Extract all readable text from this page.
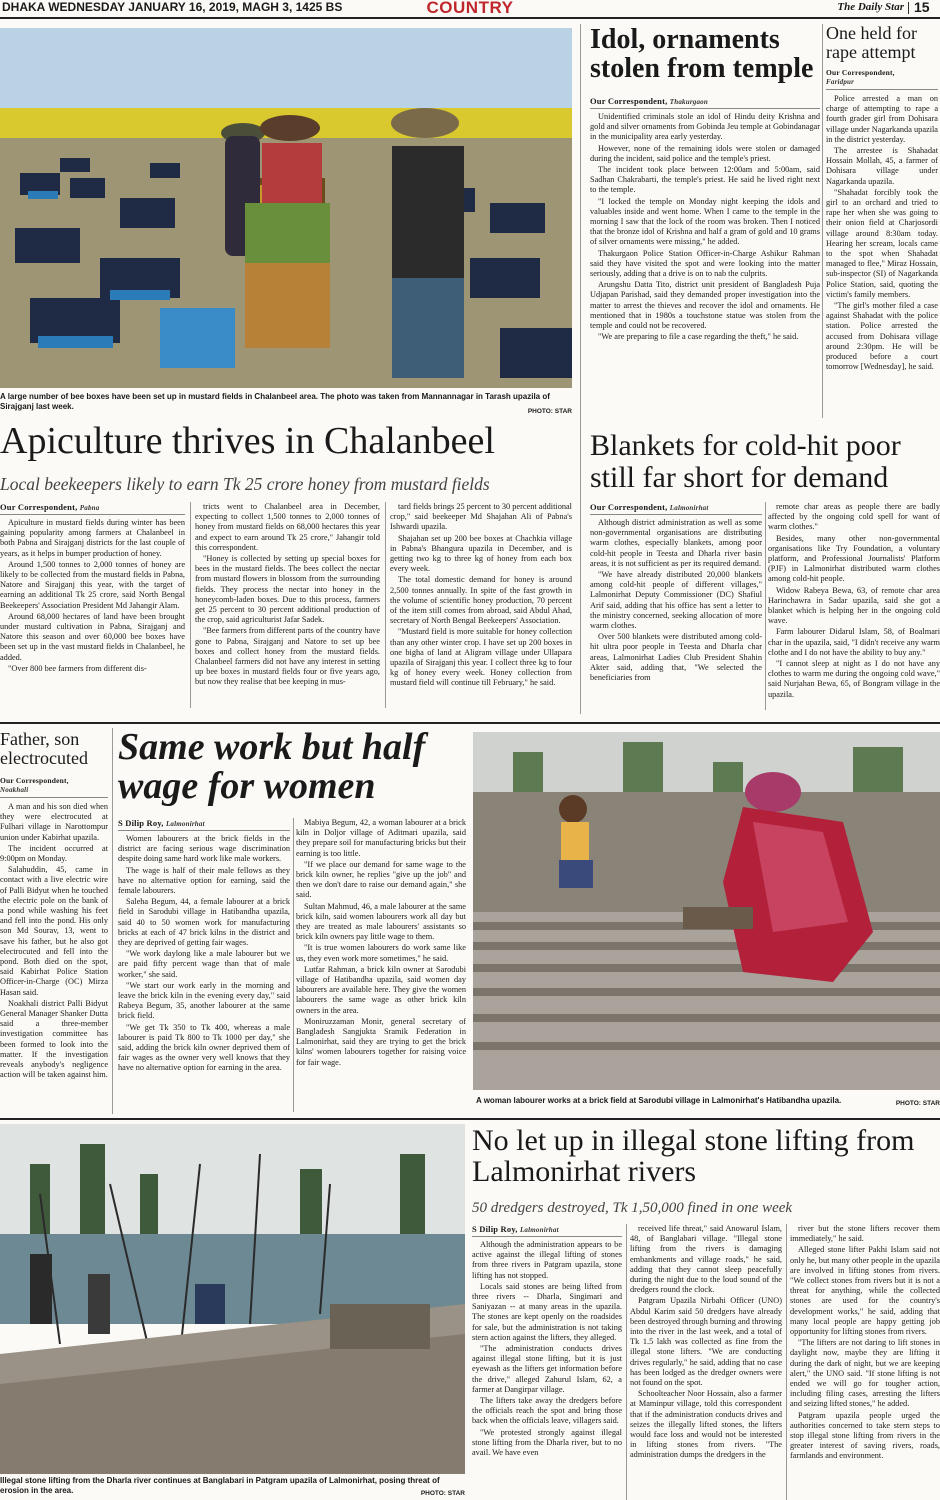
DHAKA WEDNESDAY JANUARY 16, 2019, MAGH 3, 1425 BS	COUNTRY	The Daily Star 15
A large number of bee boxes have been set up in mustard fields in Chalanbeel area. The photo was taken from Mannannagar in Tarash upazila of Sirajganj last week.
PHOTO: STAR
Apiculture thrives in Chalanbeel
Local beekeepers likely to earn Tk 25 crore honey from mustard fields
Our Correspondent, Pabna

Apiculture in mustard fields during winter has been gaining popularity among farmers at Chalanbeel in both Pabna and Sirajganj districts for the last couple of years, as it helps in bumper production of honey.

Around 1,500 tonnes to 2,000 tonnes of honey are likely to be collected from the mustard fields in Pabna, Natore and Sirajganj this year, with the target of earning an additional Tk 25 crore, said North Bengal Beekeepers' Association President Md Jahangir Alam.

Around 68,000 hectares of land have been brought under mustard cultivation in Pabna, Sirajganj and Natore this season and over 60,000 bee boxes have been set up in the vast mustard fields in Chalanbeel, he added.

"Over 800 bee farmers from different dis-

tricts went to Chalanbeel area in December, expecting to collect 1,500 tonnes to 2,000 tonnes of honey from mustard fields on 68,000 hectares this year and expect to earn around Tk 25 crore," Jahangir told this correspondent.

"Honey is collected by setting up special boxes for bees in the mustard fields. The bees collect the nectar from mustard flowers in blossom from the surrounding fields. They process the nectar into honey in the honeycomb-laden boxes. Due to this process, farmers get 25 percent to 30 percent additional production of the crop, said agriculturist Jafar Sadek.

"Bee farmers from different parts of the country have gone to Pabna, Sirajganj and Natore to set up bee boxes and collect honey from the mustard fields. Chalanbeel farmers did not have any interest in setting up bee boxes in mustard fields four or five years ago, but now they realise that bee keeping in mus-

tard fields brings 25 percent to 30 percent additional crop," said beekeeper Md Shajahan Ali of Pabna's Ishwardi upazila.

Shajahan set up 200 bee boxes at Chachkia village in Pabna's Bhangura upazila in December, and is getting two kg to three kg of honey from each box every week.

The total domestic demand for honey is around 2,500 tonnes annually. In spite of the fast growth in the volume of scientific honey production, 70 percent of the item still comes from abroad, said Abdul Ahad, secretary of North Bengal Beekeepers' Association.

"Mustard field is more suitable for honey collection than any other winter crop. I have set up 200 boxes in one bigha of land at Aligram village under Ullapara upazila of Sirajganj this year. I collect three kg to four kg of honey every week. Honey collection from mustard field will continue till February," he said.

Idol, ornaments stolen from temple
Our Correspondent, Thakurgaon

Unidentified criminals stole an idol of Hindu deity Krishna and gold and silver ornaments from Gobinda Jeu temple at Gobindanagar in the municipality area early yesterday.

However, none of the remaining idols were stolen or damaged during the incident, said police and the temple's priest.

The incident took place between 12:00am and 5:00am, said Sadhan Chakrabarti, the temple's priest. He said he lived right next to the temple.

"I locked the temple on Monday night keeping the idols and valuables inside and went home. When I came to the temple in the morning I saw that the lock of the room was broken. Then I noticed that the bronze idol of Krishna and half a gram of gold and 10 grams of silver ornaments were missing," he added.

Thakurgaon Police Station Officer-in-Charge Ashikur Rahman said they have visited the spot and were looking into the matter seriously, adding that a drive is on to nab the culprits.

Arungshu Datta Tito, district unit president of Bangladesh Puja Udjapan Parishad, said they demanded proper investigation into the matter to arrest the thieves and recover the idol and ornaments. He mentioned that in 1980s a touchstone statue was stolen from the temple and could not be recovered.

"We are preparing to file a case regarding the theft," he said.

One held for rape attempt
Our Correspondent,
Faridpur

Police arrested a man on charge of attempting to rape a fourth grader girl from Dohisara village under Nagarkanda upazila in the district yesterday.

The arrestee is Shahadat Hossain Mollah, 45, a farmer of Dohisara village under Nagarkanda upazila.

"Shahadat forcibly took the girl to an orchard and tried to rape her when she was going to their onion field at Charjosordi village around 8:30am today. Hearing her scream, locals came to the spot when Shahadat managed to flee," Miraz Hossain, sub-inspector (SI) of Nagarkanda Police Station, said, quoting the victim's family members.

"The girl's mother filed a case against Shahadat with the police station. Police arrested the accused from Dohisara village around 2:30pm. He will be produced before a court tomorrow [Wednesday], he said.

Blankets for cold-hit poor still far short for demand
Our Correspondent, Lalmonirhat

Although district administration as well as some non-governmental organisations are distributing warm clothes, especially blankets, among poor cold-hit people in Teesta and Dharla river basin areas, it is not sufficient as per its required demand.

"We have already distributed 20,000 blankets among cold-hit people of different villages," Lalmonirhat Deputy Commissioner (DC) Shafiul Arif said, adding that his office has sent a letter to the ministry concerned, seeking allocation of more warm clothes.

Over 500 blankets were distributed among cold-hit ultra poor people in Teesta and Dharla char areas, Lalmonirhat Ladies Club President Shahin Akter said, adding that, "We selected the beneficiaries from

remote char areas as people there are badly affected by the ongoing cold spell for want of warm clothes."

Besides, many other non-governmental organisations like Try Foundation, a voluntary platform, and Professional Journalists' Platform (PJF) in Lalmonirhat distributed warm clothes among cold-hit people.

Widow Rabeya Bewa, 63, of remote char area Harinchawra in Sadar upazila, said she got a blanket which is helping her in the ongoing cold wave.

Farm labourer Didarul Islam, 58, of Boalmari char in the upazila, said, "I didn't receive any warm clothe and I do not have the ability to buy any."

"I cannot sleep at night as I do not have any clothes to warm me during the ongoing cold wave," said Nurjahan Bewa, 65, of Bongram village in the upazila.

Father, son electrocuted
Our Correspondent,
Noakhali

A man and his son died when they were electrocuted at Fulhari village in Narottompur union under Kabirhat upazila.

The incident occurred at 9:00pm on Monday.

Salahuddin, 45, came in contact with a live electric wire of Palli Bidyut when he touched the electric pole on the bank of a pond while washing his feet and fell into the pond. His only son Md Sourav, 13, went to save his father, but he also got electrocuted and fell into the pond. Both died on the spot, said Kabirhat Police Station Officer-in-Charge (OC) Mirza Hasan said.

Noakhali district Palli Bidyut General Manager Shanker Dutta said a three-member investigation committee has been formed to look into the matter. If the investigation reveals anybody's negligence action will be taken against him.

Same work but half wage for women
S Dilip Roy, Lalmonirhat

Women labourers at the brick fields in the district are facing serious wage discrimination despite doing same hard work like male workers.

The wage is half of their male fellows as they have no alternative option for earning, said the female labourers.

Saleha Begum, 44, a female labourer at a brick field in Sarodubi village in Hatibandha upazila, said 40 to 50 women work for manufacturing bricks at each of 47 brick kilns in the district and they are deprived of getting fair wages.

"We work daylong like a male labourer but we are paid fifty percent wage than that of male worker," she said.

"We start our work early in the morning and leave the brick kiln in the evening every day," said Rabeya Begum, 35, another labourer at the same brick field.

"We get Tk 350 to Tk 400, whereas a male labourer is paid Tk 800 to Tk 1000 per day," she said, adding the brick kiln owner deprived them of fair wages as the owner very well knows that they have no alternative option for earning in the area.

Mabiya Begum, 42, a woman labourer at a brick kiln in Doljor village of Aditmari upazila, said they prepare soil for manufacturing bricks but their earning is too little.

"If we place our demand for same wage to the brick kiln owner, he replies "give up the job" and then we don't dare to raise our demand again," she said.

Sultan Mahmud, 46, a male labourer at the same brick kiln, said women labourers work all day but they are treated as male labourers' assistants so brick kiln owners pay little wage to them.

"It is true women labourers do work same like us, they even work more sometimes," he said.

Lutfar Rahman, a brick kiln owner at Sarodubi village of Hatibandha upazila, said women day labourers are available here. They give the women labourers the same wage as other brick kiln owners in the area.

Moniruzzaman Monir, general secretary of Bangladesh Sangjukta Sramik Federation in Lalmonirhat, said they are trying to get the brick kilns' women labourers together for raising voice for fair wage.

A woman labourer works at a brick field at Sarodubi village in Lalmonirhat's Hatibandha upazila.	PHOTO: STAR
Illegal stone lifting from the Dharla river continues at Banglabari in Patgram upazila of Lalmonirhat, posing threat of erosion in the area.	PHOTO: STAR
No let up in illegal stone lifting from Lalmonirhat rivers
50 dredgers destroyed, Tk 1,50,000 fined in one week
S Dilip Roy, Lalmonirhat

Although the administration appears to be active against the illegal lifting of stones from three rivers in Patgram upazila, stone lifting has not stopped.

Locals said stones are being lifted from three rivers -- Dharla, Singimari and Saniyazan -- at many areas in the upazila. The stones are kept openly on the roadsides for sale, but the administration is not taking stern action against the lifters, they alleged.

"The administration conducts drives against illegal stone lifting, but it is just eyewash as the lifters get information before the drive," alleged Zahurul Islam, 62, a farmer at Dangirpar village.

The lifters take away the dredgers before the officials reach the spot and bring those back when the officials leave, villagers said.

"We protested strongly against illegal stone lifting from the Dharla river, but to no avail. We have even

received life threat," said Anowarul Islam, 48, of Banglabari village. "Illegal stone lifting from the rivers is damaging embankments and village roads," he said, adding that they cannot sleep peacefully during the night due to the loud sound of the dredgers round the clock.

Patgram Upazila Nirbahi Officer (UNO) Abdul Karim said 50 dredgers have already been destroyed through burning and throwing into the river in the last week, and a total of Tk 1.5 lakh was collected as fine from the illegal stone lifters. "We are conducting drives regularly," he said, adding that no case has been lodged as the dredger owners were not found on the spot.

Schoolteacher Noor Hossain, also a farmer at Maminpur village, told this correspondent that if the administration conducts drives and seizes the illegally lifted stones, the lifters would face loss and would not be interested in lifting stones from rivers. "The administration dumps the dredgers in the

river but the stone lifters recover them immediately," he said.

Alleged stone lifter Pakhi Islam said not only he, but many other people in the upazila are involved in lifting stones from rivers. "We collect stones from rivers but it is not a threat for anything, while the collected stones are used for the country's development works," he said, adding that many local people are happy getting job opportunity for lifting stones from rivers.

"The lifters are not daring to lift stones in daylight now, maybe they are lifting it during the dark of night, but we are keeping alert," the UNO said. "If stone lifting is not ended we will go for tougher action, including filing cases, arresting the lifters and seizing lifted stones," he added.

Patgram upazila people urged the authorities concerned to take stern steps to stop illegal stone lifting from rivers in the greater interest of saving rivers, roads, farmlands and environment.
